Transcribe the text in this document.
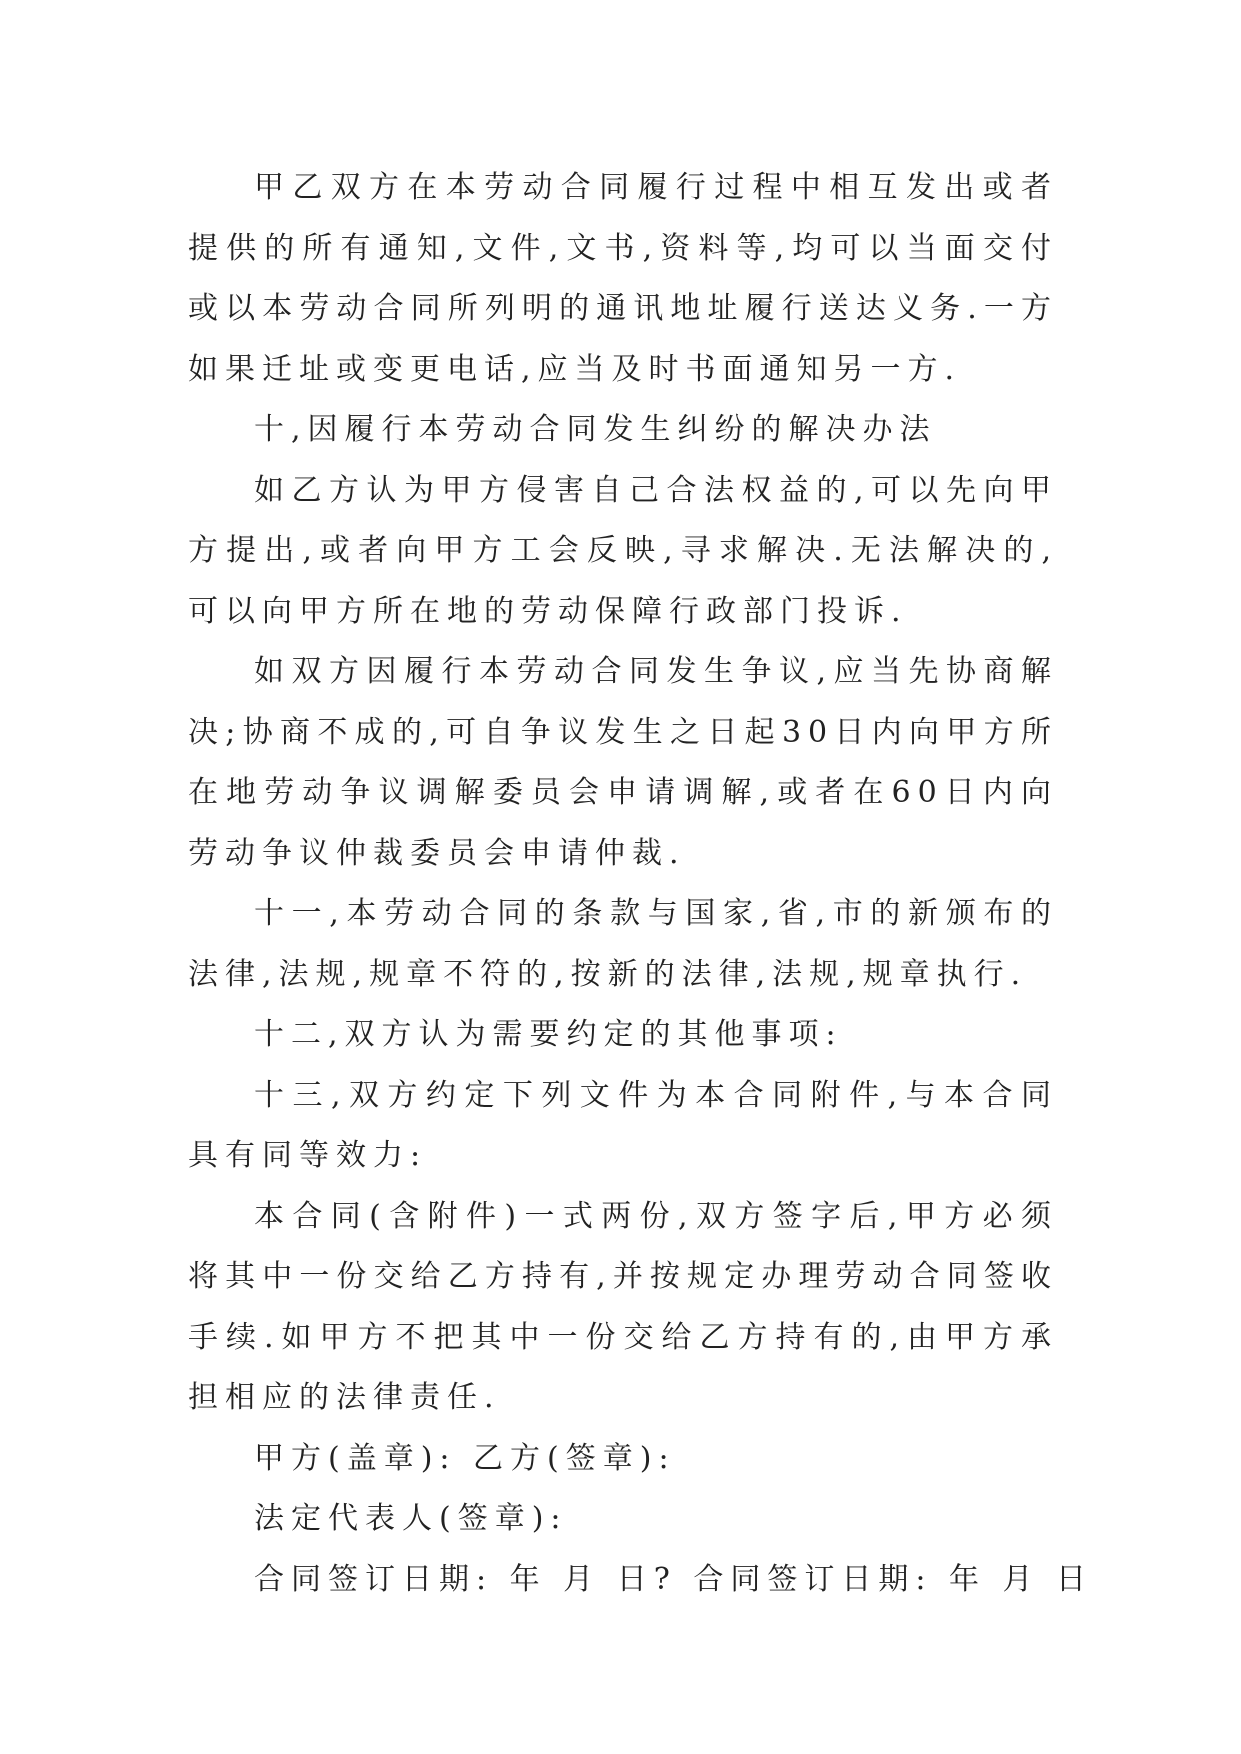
甲乙双方在本劳动合同履行过程中相互发出或者提供的所有通知,文件,文书,资料等,均可以当面交付或以本劳动合同所列明的通讯地址履行送达义务.一方如果迁址或变更电话,应当及时书面通知另一方.

十,因履行本劳动合同发生纠纷的解决办法

如乙方认为甲方侵害自己合法权益的,可以先向甲方提出,或者向甲方工会反映,寻求解决.无法解决的,可以向甲方所在地的劳动保障行政部门投诉.

如双方因履行本劳动合同发生争议,应当先协商解决;协商不成的,可自争议发生之日起30日内向甲方所在地劳动争议调解委员会申请调解,或者在60日内向劳动争议仲裁委员会申请仲裁.

十一,本劳动合同的条款与国家,省,市的新颁布的法律,法规,规章不符的,按新的法律,法规,规章执行.

十二,双方认为需要约定的其他事项:

十三,双方约定下列文件为本合同附件,与本合同具有同等效力:

本合同(含附件)一式两份,双方签字后,甲方必须将其中一份交给乙方持有,并按规定办理劳动合同签收手续.如甲方不把其中一份交给乙方持有的,由甲方承担相应的法律责任.

甲方(盖章): 乙方(签章):

法定代表人(签章):

合同签订日期: 年 月 日? 合同签订日期: 年 月 日
